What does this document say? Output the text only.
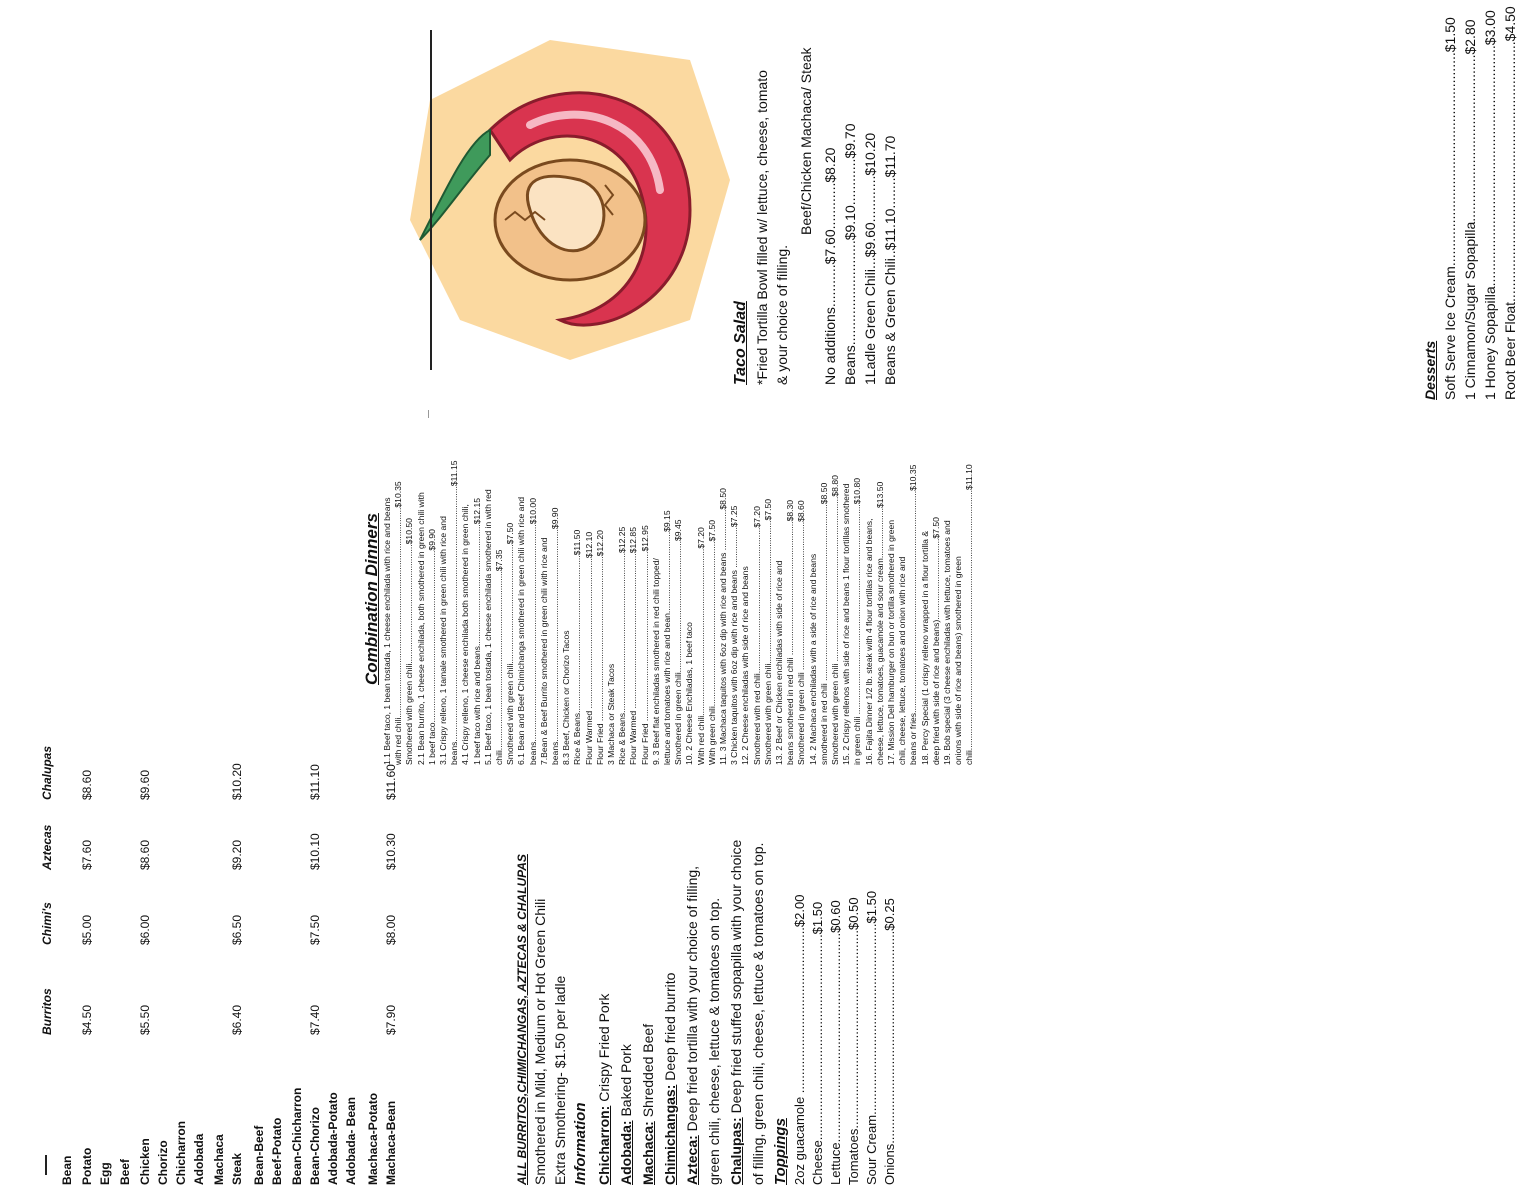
Burritos
Chimi's
Aztecas
Chalupas
Bean Potato
$4.50
$5.00
$7.60
$8.60
Egg Beef Chicken
$5.50
$6.00
$8.60
$9.60
Chorizo Chicharron Adobada Machaca Steak
$6.40
$6.50
$9.20
$10.20
Bean-Beef Beef-Potato Bean-Chicharron Bean-Chorizo
$7.40
$7.50
$10.10
$11.10
Adobada-Potato Adobada- Bean Machaca-Potato Machaca-Bean
$7.90
$8.00
$10.30
$11.60
ALL BURRITOS,CHIMICHANGAS, AZTECAS & CHALUPAS Smothered in Mild, Medium or Hot Green Chili Extra Smothering- $1.50 per ladle Information Chicharron: Crispy Fried Pork
Adobada: Baked Pork
Machaca: Shredded Beef
Chimichangas: Deep fried burrito
Azteca: Deep fried tortilla with your choice of filling, green chili, cheese, lettuce & tomatoes on top. Chalupas: Deep fried stuffed sopapilla with your choice of filling, green chili, cheese, lettuce & tomatoes on top. Toppings 2oz guacamole ..............................................$2.00
Cheese.........................................................$1.50
Lettuce..........................................................$0.60
Tomatoes.......................................................$0.50
Sour Cream.....................................................$1.50
Onions...........................................................$0.25
Combination Dinners 1.1 Beef taco, 1 bean tostada, 1 cheese enchilada with rice and beans with red chili........................................................................................$10.35 Smothered with green chili..................................................$10.50 2.1 Bean burrito, 1 cheese enchilada, both smothered in green chili with 1 beef taco........................................................................$9.90 3.1 Crispy relleno, 1 tamale smothered in green chili with rice and beans...........................................................................................................$11.15 4.1 Crispy relleno, 1 cheese enchilada both smothered in green chili, 1 beef taco with rice and beans...................................................$12.15 5.1 Beef taco, 1 bean tostada, 1 cheese enchilada smothered in with red chili...........................................................................$7.35 Smothered with green chili..................................................$7.50 6.1 Bean and Beef Chimichanga smothered in green chili with rice and beans...........................................................................................$10.00 7.Bean & Beef Burrito smothered in green chili with rice and beans.........................................................................................$9.90 8.3 Beef, Chicken or Chorizo Tacos Rice & Beans..................................................................$11.50 Flour Warmed ...............................................................$12.10 Flour Fried .....................................................................$12.20 3 Machaca or Steak Tacos Rice & Beans...................................................................$12.25 Flour Warmed .................................................................$12.85 Flour Fried .......................................................................$12.95 9. 3 Beef flat enchiladas smothered in red chili topped/ lettuce and tomatoes with rice and bean..................................$9.15 Smothered in green chili.......................................................$9.45 10. 2 Cheese Enchiladas, 1 beef taco With red chili......................................................................$7.20 With green chili.....................................................................$7.50 11. 3 Machaca taquitos with 6oz dip with rice and beans .................$8.50 3 Chicken taquitos with 6oz dip with rice and beans .................$7.25 12. 2 Cheese enchiladas with side of rice and beans Smothered with red chili.............................................................$7.20 Smothered with green chili............................................................$7.50 13. 2 Beef or Chicken enchiladas with side of rice and beans smothered in red chili ........................................................$8.30 Smothered in green chili ..............................................................$8.60 14. 2 Machaca enchiladas with a side of rice and beans smothered in red chili ..........................................................................$8.50 Smothered with green chili .....................................................................$8.80 15. 2 Crispy rellenos with side of rice and beans 1 flour tortillas smothered in green chili ........................................................................................$10.80 16. Fajita Dinner 1/2 lb. steak with 4 flour tortillas rice and beans, cheese, lettuce, tomatoes, guacamole and sour cream.....................$13.50 17. Mission Dell hamburger on bun or tortilla smothered in green chili, cheese, lettuce, tomatoes and onion with rice and beans or fries.............................................................................................$10.35 18. Percy Special (1 crispy relleno wrapped in a flour tortilla & deep fried with side of rice and beans)..................................$7.50 19. Bob special (3 cheese enchiladas with lettuce, tomatoes and onions with side of rice and beans) smothered in green chili.............................................................................................................$11.10
Taco Salad *Fried Tortilla Bowl filled w/ lettuce, cheese, tomato & your choice of filling.
Beef/Chicken Machaca/ Steak
No additions...........$7.60............$8.20
Beans...........................$9.10............$9.70
1Ladle Green Chili...$9.60............$10.20
Beans & Green Chili..$11.10........$11.70
Desserts Soft Serve Ice Cream.......................................................$1.50
1 Cinnamon/Sugar Sopapilla...........................................$2.80
1 Honey Sopapilla..............................................................$3.00
Root Beer Float...................................................................$4.50
